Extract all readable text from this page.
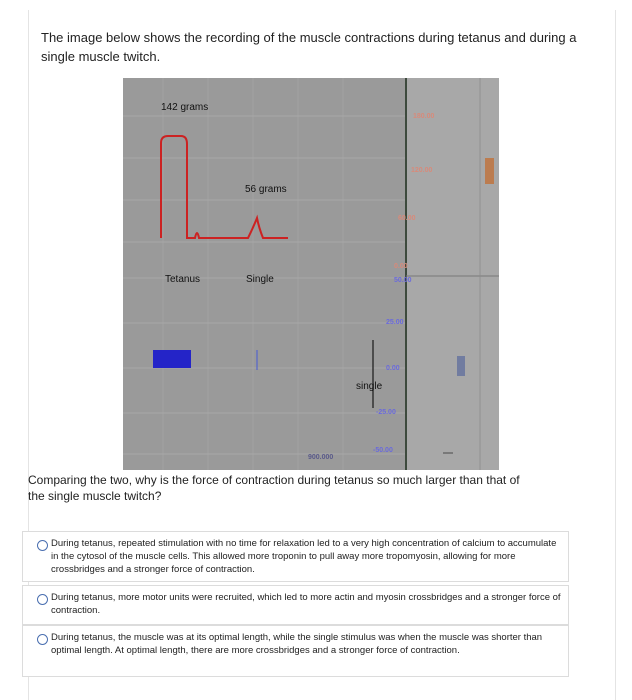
The image below shows the recording of the muscle contractions during tetanus and during a single muscle twitch.
142 grams
56 grams
Tetanus	Single
single
180.00
120.00
60.00
0.00
50.00
25.00
0.00
-25.00
-50.00
900.000
Comparing the two, why is the force of contraction during tetanus so much larger than that of the single muscle twitch?
During tetanus, repeated stimulation with no time for relaxation led to a very high concentration of calcium to accumulate in the cytosol of the muscle cells. This allowed more troponin to pull away more tropomyosin, allowing for more crossbridges and a stronger force of contraction.
During tetanus, more motor units were recruited, which led to more actin and myosin crossbridges and a stronger force of contraction.
During tetanus, the muscle was at its optimal length, while the single stimulus was when the muscle was shorter than optimal length. At optimal length, there are more crossbridges and a stronger force of contraction.
